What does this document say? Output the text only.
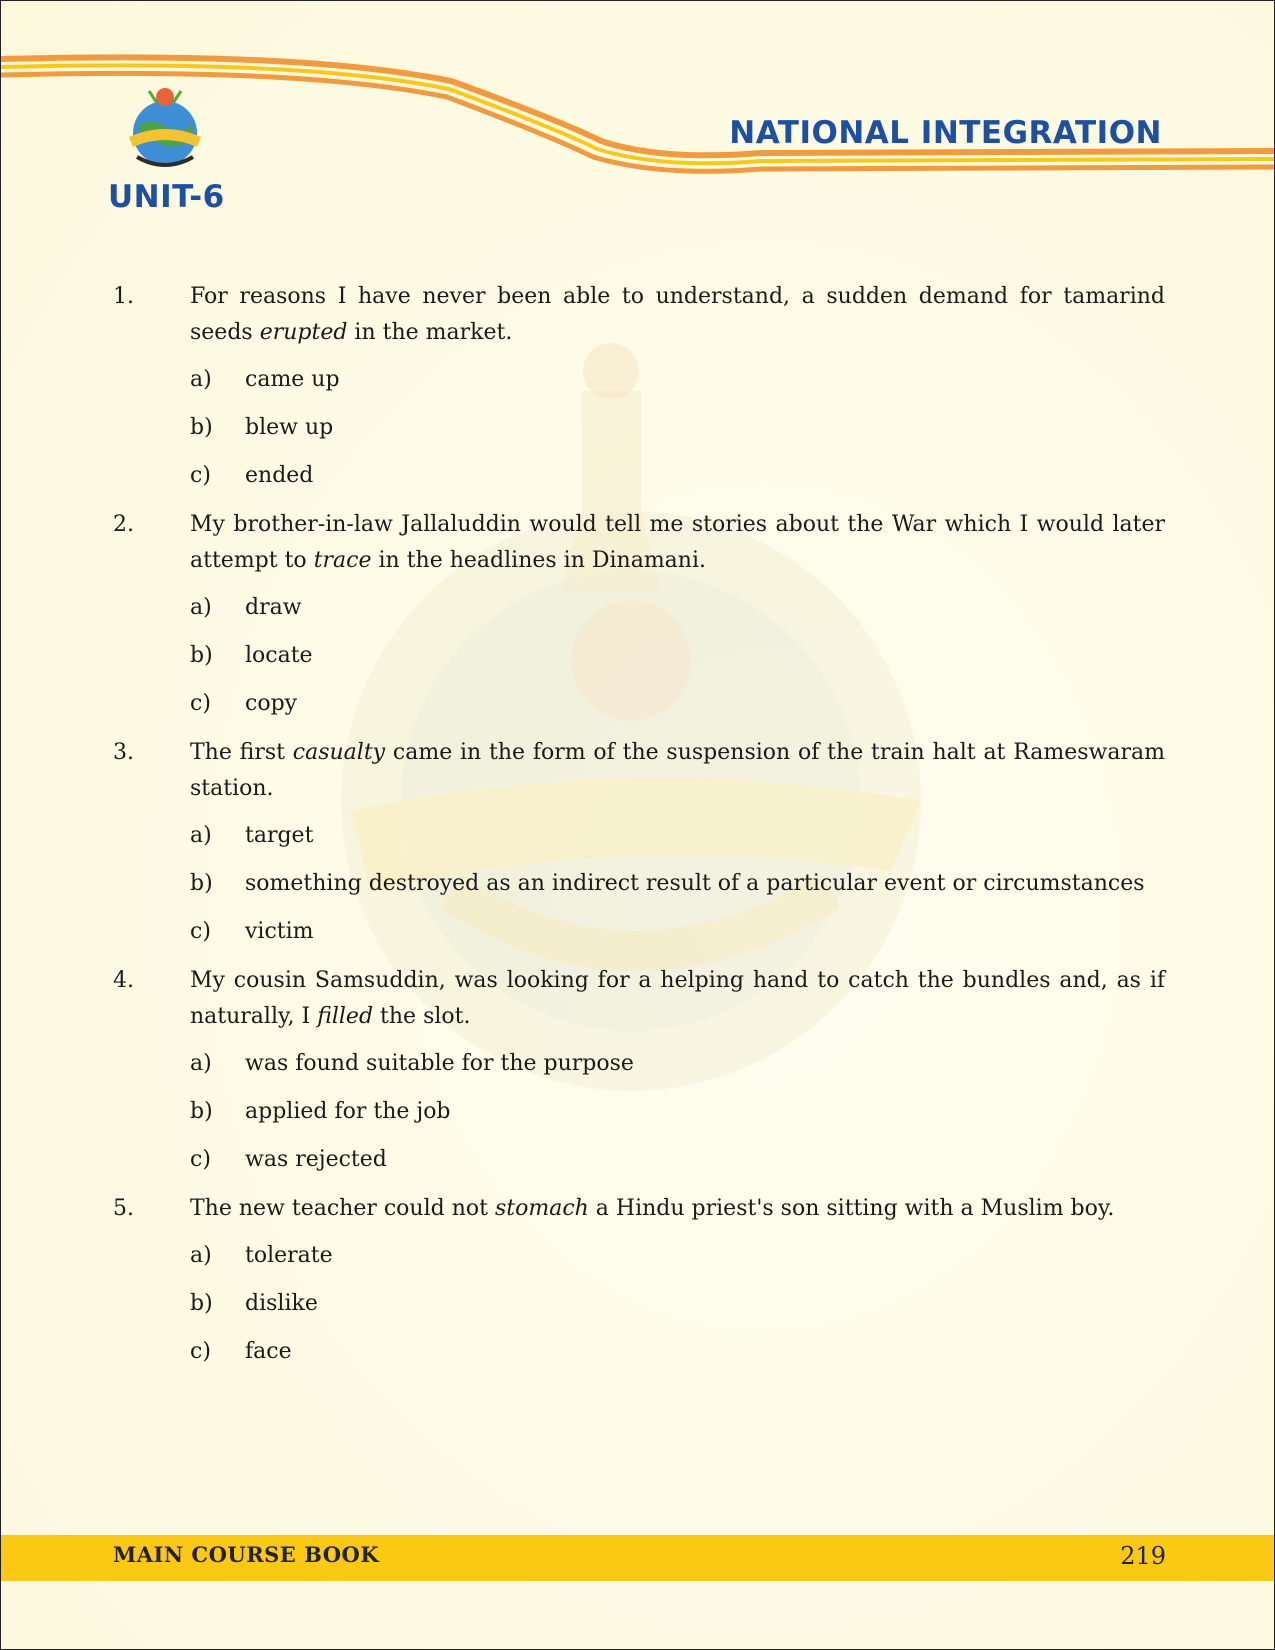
UNIT-6
NATIONAL INTEGRATION
1.	For reasons I have never been able to understand, a sudden demand for tamarind seeds erupted in the market.
a)	came up
b)	blew up
c)	ended
2.	My brother-in-law Jallaluddin would tell me stories about the War which I would later attempt to trace in the headlines in Dinamani.
a)	draw
b)	locate
c)	copy
3.	The first casualty came in the form of the suspension of the train halt at Rameswaram station.
a)	target
b)	something destroyed as an indirect result of a particular event or circumstances
c)	victim
4.	My cousin Samsuddin, was looking for a helping hand to catch the bundles and, as if naturally, I filled the slot.
a)	was found suitable for the purpose
b)	applied for the job
c)	was rejected
5.	The new teacher could not stomach a Hindu priest's son sitting with a Muslim boy.
a)	tolerate
b)	dislike
c)	face
MAIN COURSE BOOK	219
